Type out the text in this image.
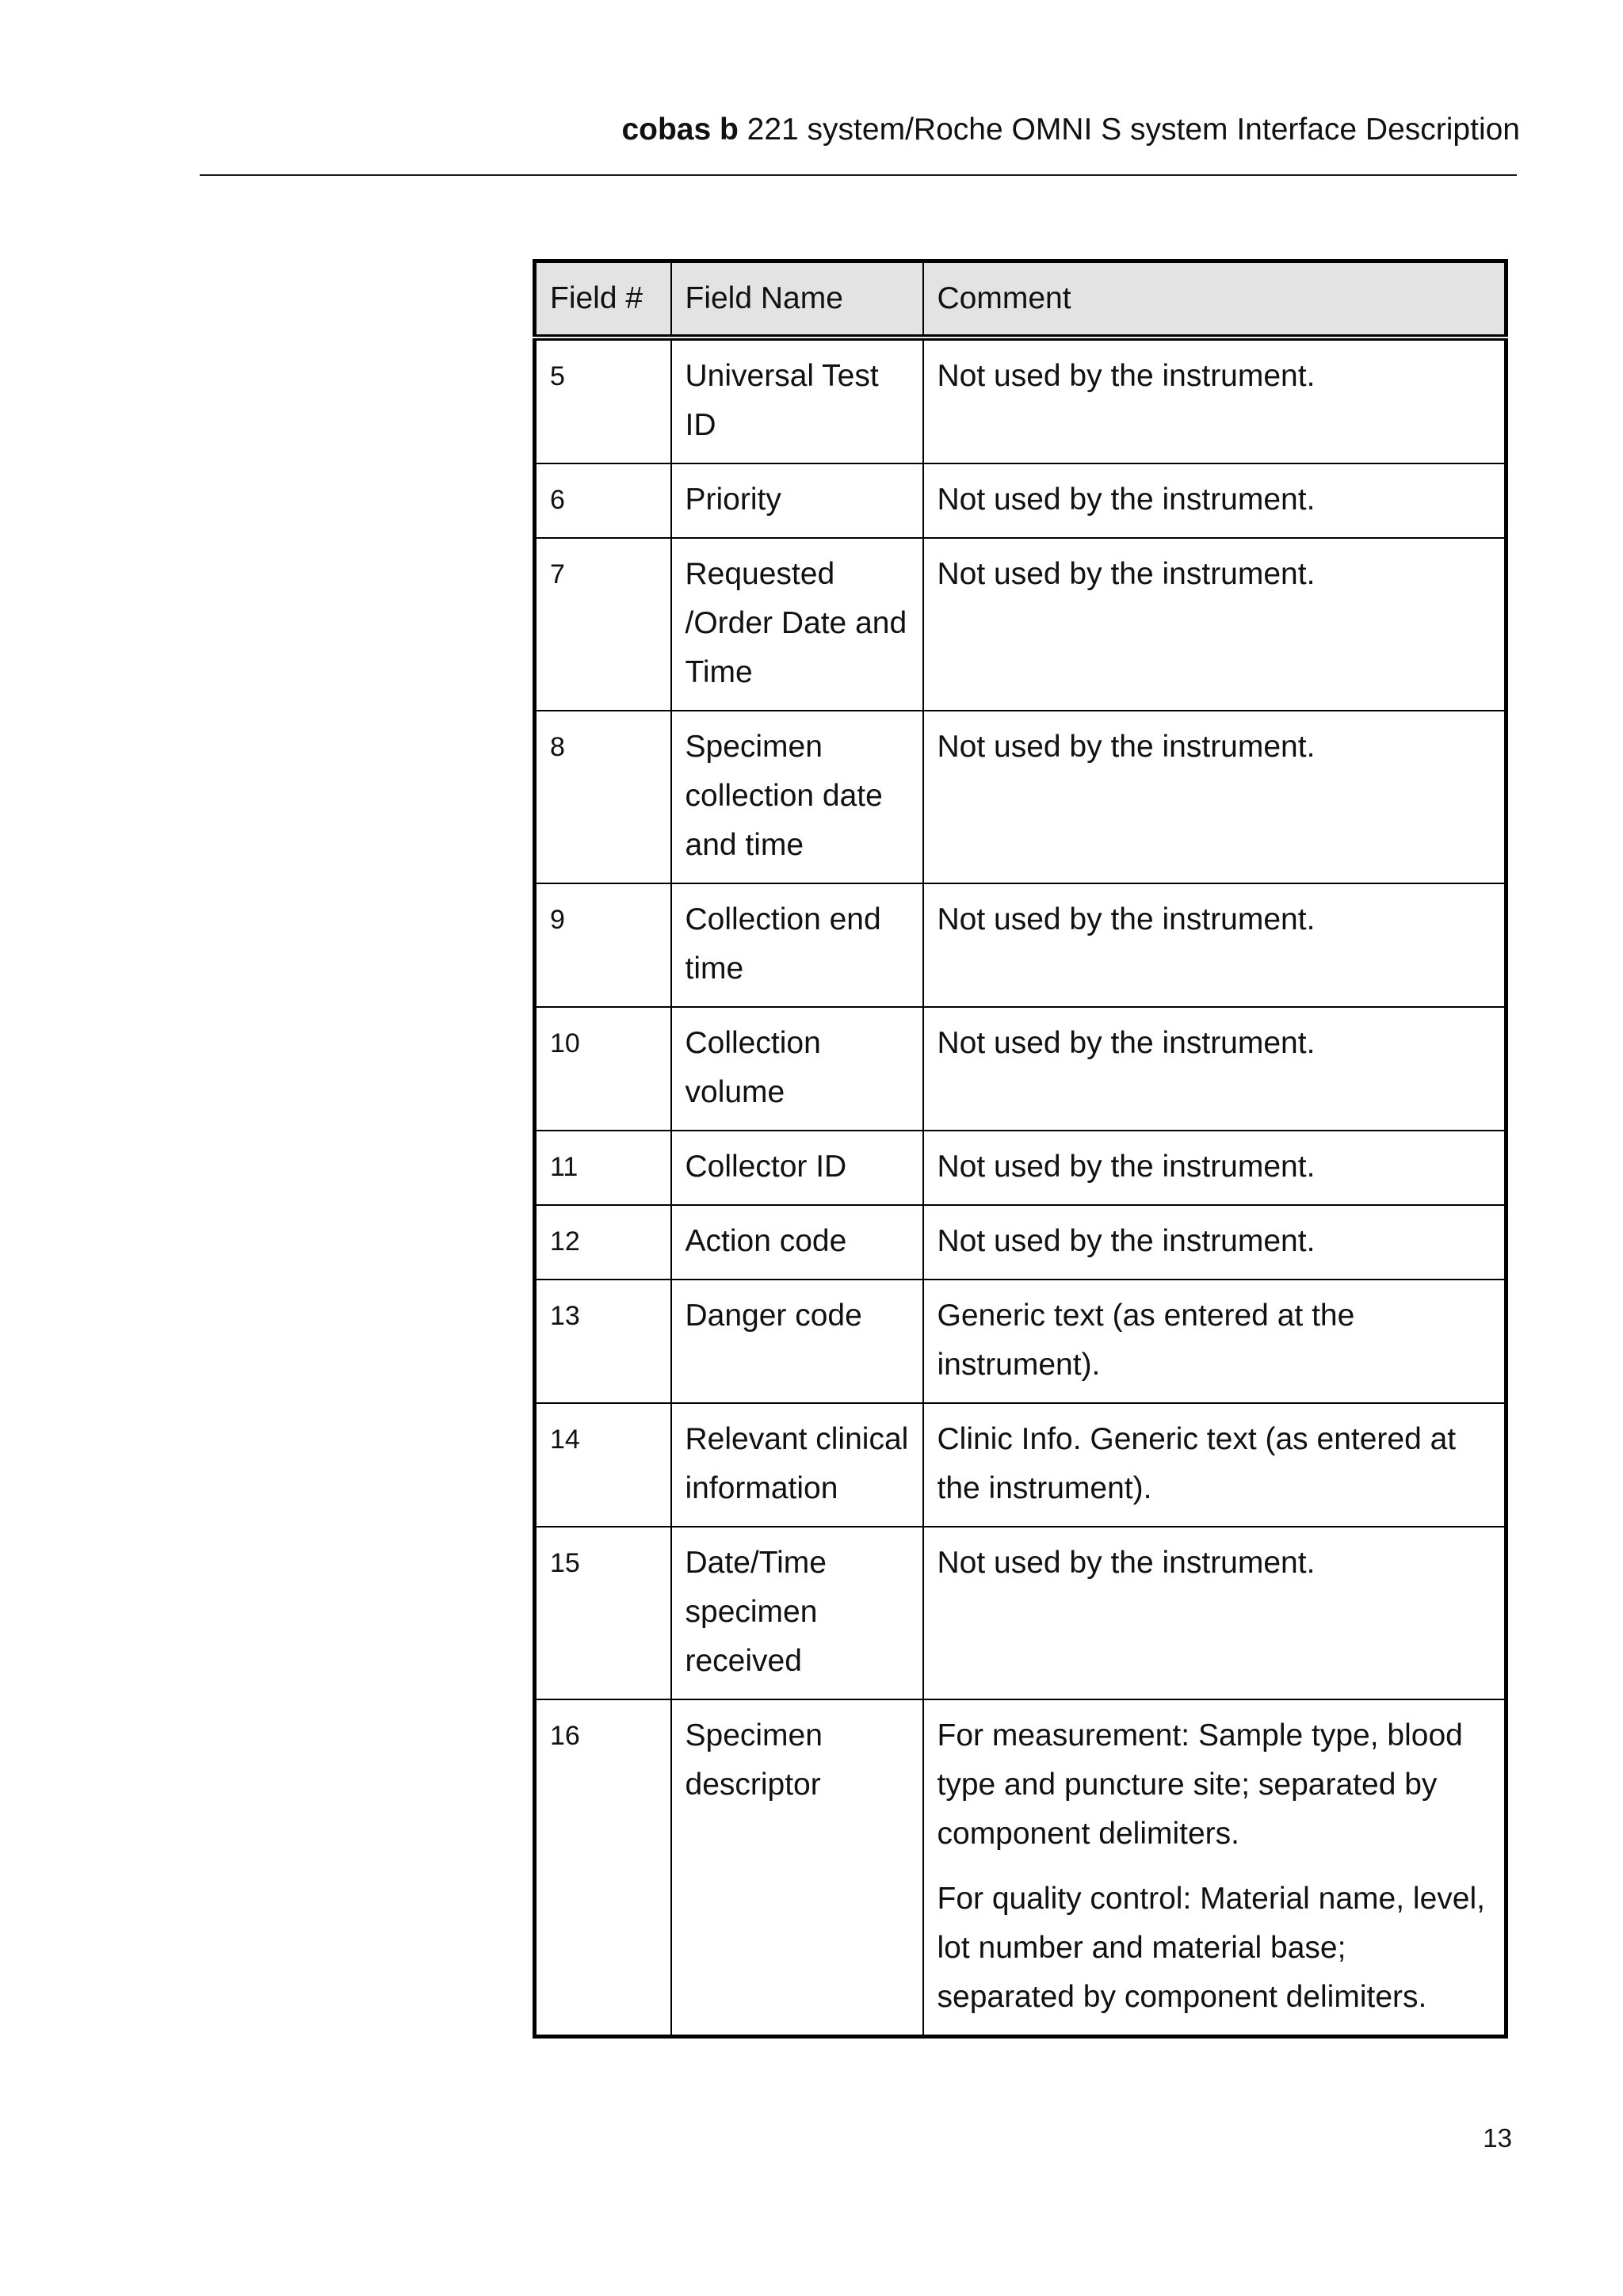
cobas b 221 system/Roche OMNI S system Interface Description
Field #	Field Name	Comment
5	Universal Test ID	Not used by the instrument.

6	Priority	Not used by the instrument.

7	Requested /Order Date and Time	Not used by the instrument.

8	Specimen collection date and time	Not used by the instrument.

9	Collection end time	Not used by the instrument.

10	Collection volume	Not used by the instrument.

11	Collector ID	Not used by the instrument.

12	Action code	Not used by the instrument.

13	Danger code	Generic text (as entered at the instrument).

14	Relevant clinical information	Clinic Info. Generic text (as entered at the instrument).

15	Date/Time specimen received	Not used by the instrument.

16	Specimen descriptor	For measurement: Sample type, blood type and puncture site; separated by component delimiters.
For quality control: Material name, level, lot number and material base; separated by component delimiters.
13
